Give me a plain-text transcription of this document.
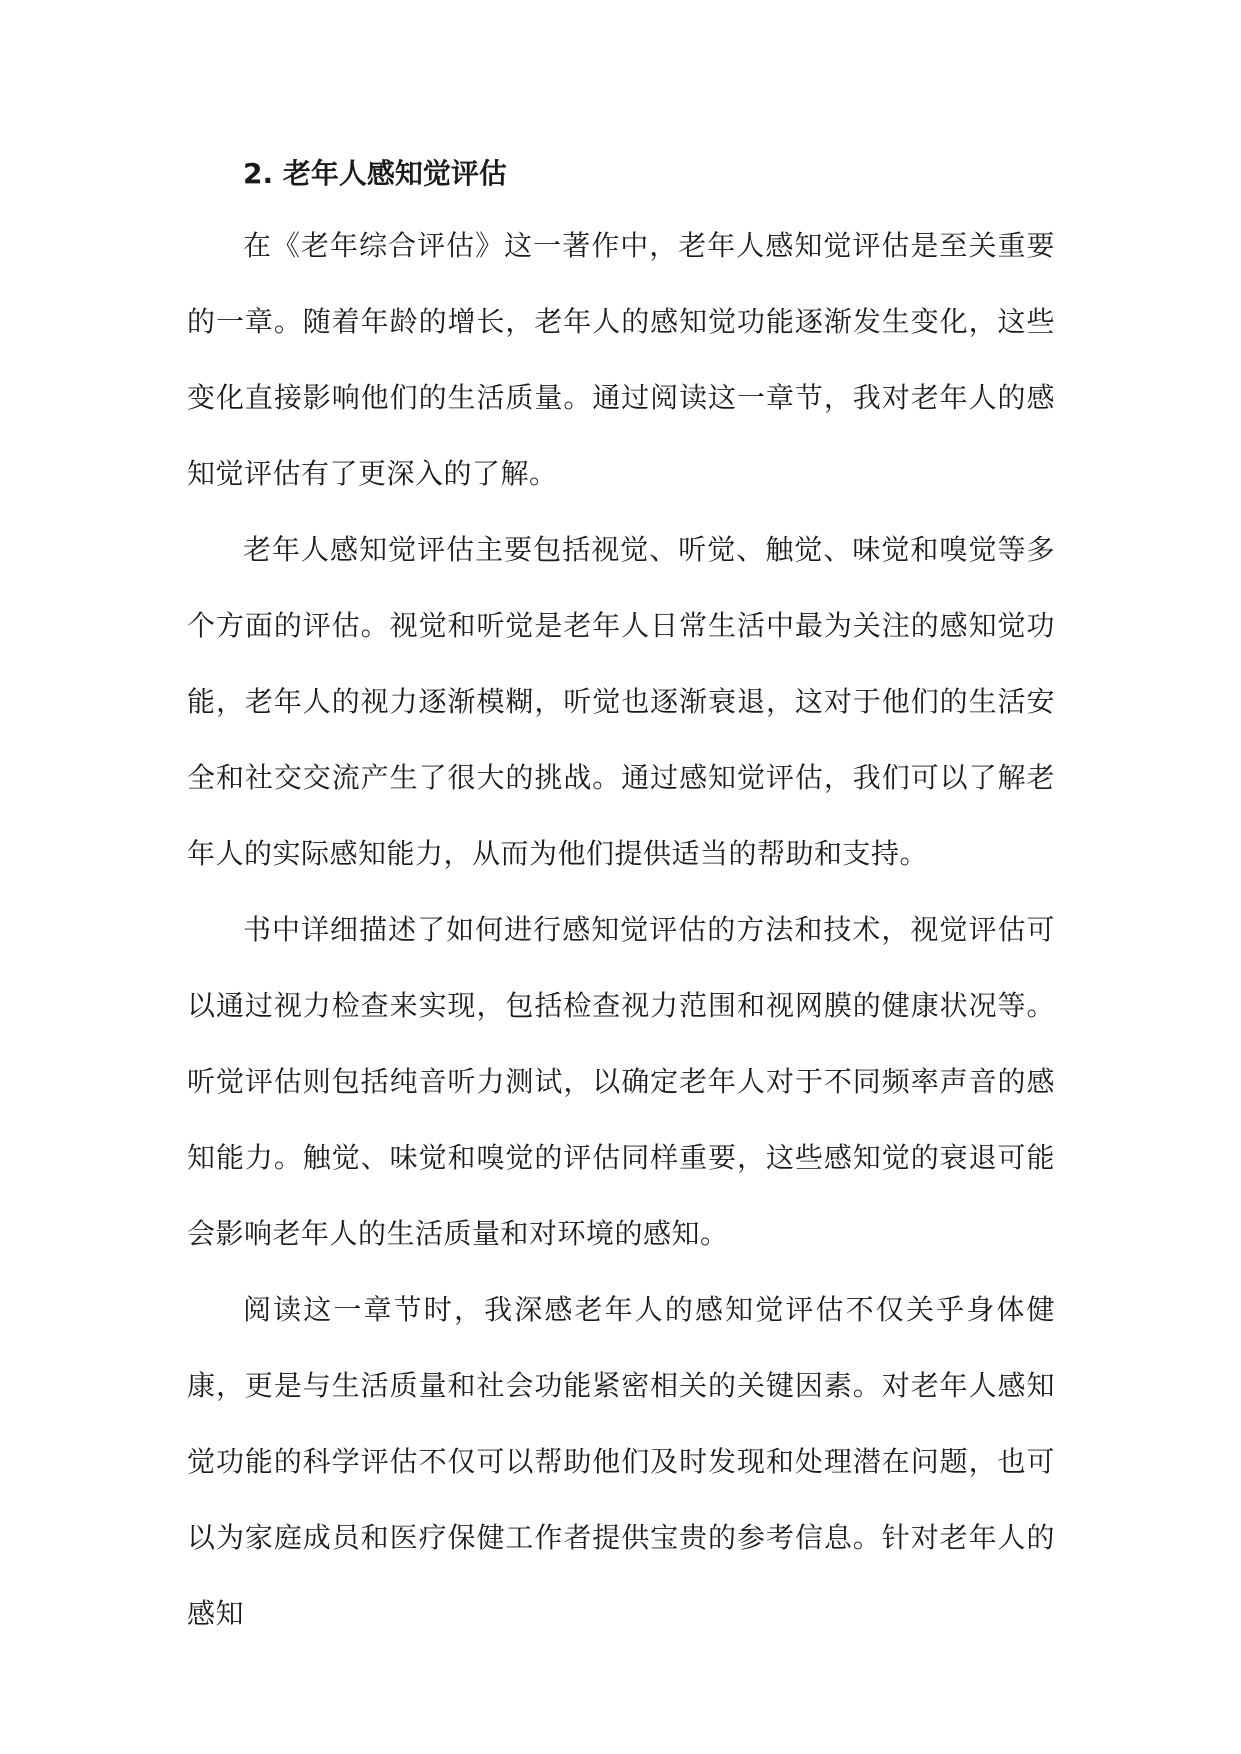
2. 老年人感知觉评估

在《老年综合评估》这一著作中，老年人感知觉评估是至关重要的一章。随着年龄的增长，老年人的感知觉功能逐渐发生变化，这些变化直接影响他们的生活质量。通过阅读这一章节，我对老年人的感知觉评估有了更深入的了解。

老年人感知觉评估主要包括视觉、听觉、触觉、味觉和嗅觉等多个方面的评估。视觉和听觉是老年人日常生活中最为关注的感知觉功能，老年人的视力逐渐模糊，听觉也逐渐衰退，这对于他们的生活安全和社交交流产生了很大的挑战。通过感知觉评估，我们可以了解老年人的实际感知能力，从而为他们提供适当的帮助和支持。

书中详细描述了如何进行感知觉评估的方法和技术，视觉评估可以通过视力检查来实现，包括检查视力范围和视网膜的健康状况等。听觉评估则包括纯音听力测试，以确定老年人对于不同频率声音的感知能力。触觉、味觉和嗅觉的评估同样重要，这些感知觉的衰退可能会影响老年人的生活质量和对环境的感知。

阅读这一章节时，我深感老年人的感知觉评估不仅关乎身体健康，更是与生活质量和社会功能紧密相关的关键因素。对老年人感知觉功能的科学评估不仅可以帮助他们及时发现和处理潜在问题，也可以为家庭成员和医疗保健工作者提供宝贵的参考信息。针对老年人的感知
